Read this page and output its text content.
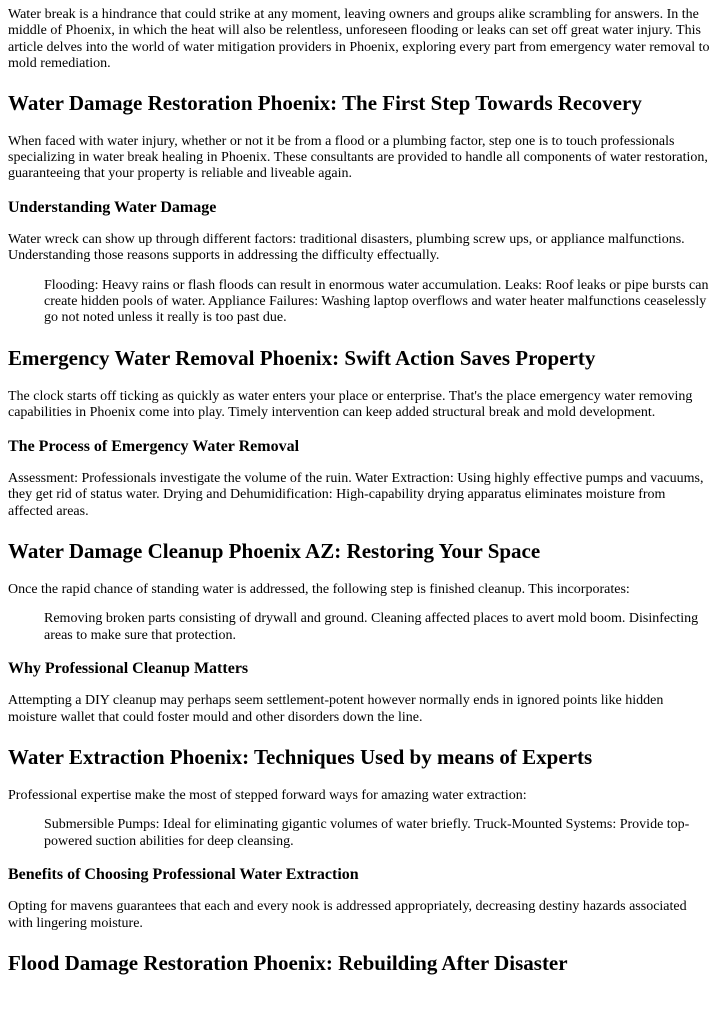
Water break is a hindrance that could strike at any moment, leaving owners and groups alike scrambling for answers. In the middle of Phoenix, in which the heat will also be relentless, unforeseen flooding or leaks can set off great water injury. This article delves into the world of water mitigation providers in Phoenix, exploring every part from emergency water removal to mold remediation.

Water Damage Restoration Phoenix: The First Step Towards Recovery

When faced with water injury, whether or not it be from a flood or a plumbing factor, step one is to touch professionals specializing in water break healing in Phoenix. These consultants are provided to handle all components of water restoration, guaranteeing that your property is reliable and liveable again.

Understanding Water Damage

Water wreck can show up through different factors: traditional disasters, plumbing screw ups, or appliance malfunctions. Understanding those reasons supports in addressing the difficulty effectually.

Flooding: Heavy rains or flash floods can result in enormous water accumulation. Leaks: Roof leaks or pipe bursts can create hidden pools of water. Appliance Failures: Washing laptop overflows and water heater malfunctions ceaselessly go not noted unless it really is too past due.
Emergency Water Removal Phoenix: Swift Action Saves Property

The clock starts off ticking as quickly as water enters your place or enterprise. That's the place emergency water removing capabilities in Phoenix come into play. Timely intervention can keep added structural break and mold development.

The Process of Emergency Water Removal

Assessment: Professionals investigate the volume of the ruin. Water Extraction: Using highly effective pumps and vacuums, they get rid of status water. Drying and Dehumidification: High-capability drying apparatus eliminates moisture from affected areas.

Water Damage Cleanup Phoenix AZ: Restoring Your Space

Once the rapid chance of standing water is addressed, the following step is finished cleanup. This incorporates:

Removing broken parts consisting of drywall and ground. Cleaning affected places to avert mold boom. Disinfecting areas to make sure that protection.
Why Professional Cleanup Matters

Attempting a DIY cleanup may perhaps seem settlement-potent however normally ends in ignored points like hidden moisture wallet that could foster mould and other disorders down the line.

Water Extraction Phoenix: Techniques Used by means of Experts

Professional expertise make the most of stepped forward ways for amazing water extraction:

Submersible Pumps: Ideal for eliminating gigantic volumes of water briefly. Truck-Mounted Systems: Provide top-powered suction abilities for deep cleansing.
Benefits of Choosing Professional Water Extraction

Opting for mavens guarantees that each and every nook is addressed appropriately, decreasing destiny hazards associated with lingering moisture.

Flood Damage Restoration Phoenix: Rebuilding After Disaster
